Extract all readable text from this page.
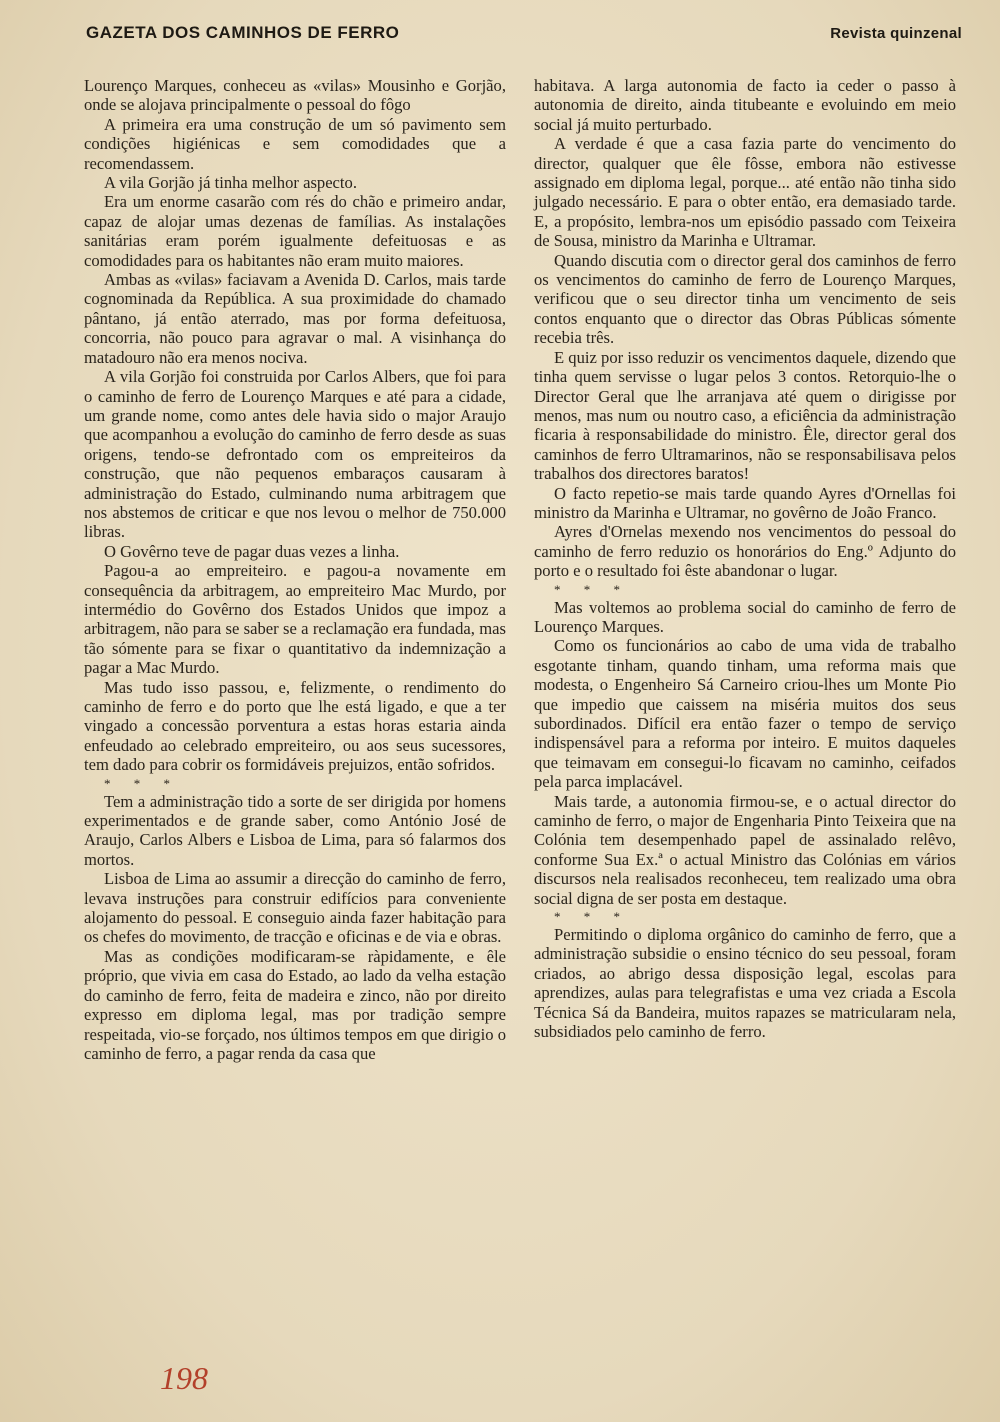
GAZETA DOS CAMINHOS DE FERRO	Revista quinzenal

Lourenço Marques, conheceu as «vilas» Mousinho e Gorjão, onde se alojava principalmente o pessoal do fôgo

A primeira era uma construção de um só pavimento sem condições higiénicas e sem comodidades que a recomendassem.

A vila Gorjão já tinha melhor aspecto.

Era um enorme casarão com rés do chão e primeiro andar, capaz de alojar umas dezenas de famílias. As instalações sanitárias eram porém igualmente defeituosas e as comodidades para os habitantes não eram muito maiores.

Ambas as «vilas» faciavam a Avenida D. Carlos, mais tarde cognominada da República. A sua proximidade do chamado pântano, já então aterrado, mas por forma defeituosa, concorria, não pouco para agravar o mal. A visinhança do matadouro não era menos nociva.

A vila Gorjão foi construida por Carlos Albers, que foi para o caminho de ferro de Lourenço Marques e até para a cidade, um grande nome, como antes dele havia sido o major Araujo que acompanhou a evolução do caminho de ferro desde as suas origens, tendo-se defrontado com os empreiteiros da construção, que não pequenos embaraços causaram à administração do Estado, culminando numa arbitragem que nos abstemos de criticar e que nos levou o melhor de 750.000 libras.

O Govêrno teve de pagar duas vezes a linha.

Pagou-a ao empreiteiro. e pagou-a novamente em consequência da arbitragem, ao empreiteiro Mac Murdo, por intermédio do Govêrno dos Estados Unidos que impoz a arbitragem, não para se saber se a reclamação era fundada, mas tão sómente para se fixar o quantitativo da indemnização a pagar a Mac Murdo.

Mas tudo isso passou, e, felizmente, o rendimento do caminho de ferro e do porto que lhe está ligado, e que a ter vingado a concessão porventura a estas horas estaria ainda enfeudado ao celebrado empreiteiro, ou aos seus sucessores, tem dado para cobrir os formidáveis prejuizos, então sofridos.

* * *

Tem a administração tido a sorte de ser dirigida por homens experimentados e de grande saber, como António José de Araujo, Carlos Albers e Lisboa de Lima, para só falarmos dos mortos.

Lisboa de Lima ao assumir a direcção do caminho de ferro, levava instruções para construir edifícios para conveniente alojamento do pessoal. E conseguio ainda fazer habitação para os chefes do movimento, de tracção e oficinas e de via e obras.

Mas as condições modificaram-se ràpidamente, e êle próprio, que vivia em casa do Estado, ao lado da velha estação do caminho de ferro, feita de madeira e zinco, não por direito expresso em diploma legal, mas por tradição sempre respeitada, vio-se forçado, nos últimos tempos em que dirigio o caminho de ferro, a pagar renda da casa que

habitava. A larga autonomia de facto ia ceder o passo à autonomia de direito, ainda titubeante e evoluindo em meio social já muito perturbado.

A verdade é que a casa fazia parte do vencimento do director, qualquer que êle fôsse, embora não estivesse assignado em diploma legal, porque... até então não tinha sido julgado necessário. E para o obter então, era demasiado tarde. E, a propósito, lembra-nos um episódio passado com Teixeira de Sousa, ministro da Marinha e Ultramar.

Quando discutia com o director geral dos caminhos de ferro os vencimentos do caminho de ferro de Lourenço Marques, verificou que o seu director tinha um vencimento de seis contos enquanto que o director das Obras Públicas sómente recebia três.

E quiz por isso reduzir os vencimentos daquele, dizendo que tinha quem servisse o lugar pelos 3 contos. Retorquio-lhe o Director Geral que lhe arranjava até quem o dirigisse por menos, mas num ou noutro caso, a eficiência da administração ficaria à responsabilidade do ministro. Êle, director geral dos caminhos de ferro Ultramarinos, não se responsabilisava pelos trabalhos dos directores baratos!

O facto repetio-se mais tarde quando Ayres d'Ornellas foi ministro da Marinha e Ultramar, no govêrno de João Franco.

Ayres d'Ornelas mexendo nos vencimentos do pessoal do caminho de ferro reduzio os honorários do Eng.º Adjunto do porto e o resultado foi êste abandonar o lugar.

* * *

Mas voltemos ao problema social do caminho de ferro de Lourenço Marques.

Como os funcionários ao cabo de uma vida de trabalho esgotante tinham, quando tinham, uma reforma mais que modesta, o Engenheiro Sá Carneiro criou-lhes um Monte Pio que impedio que caissem na miséria muitos dos seus subordinados. Difícil era então fazer o tempo de serviço indispensável para a reforma por inteiro. E muitos daqueles que teimavam em consegui-lo ficavam no caminho, ceifados pela parca implacável.

Mais tarde, a autonomia firmou-se, e o actual director do caminho de ferro, o major de Engenharia Pinto Teixeira que na Colónia tem desempenhado papel de assinalado relêvo, conforme Sua Ex.ª o actual Ministro das Colónias em vários discursos nela realisados reconheceu, tem realizado uma obra social digna de ser posta em destaque.

* * *

Permitindo o diploma orgânico do caminho de ferro, que a administração subsidie o ensino técnico do seu pessoal, foram criados, ao abrigo dessa disposição legal, escolas para aprendizes, aulas para telegrafistas e uma vez criada a Escola Técnica Sá da Bandeira, muitos rapazes se matricularam nela, subsidiados pelo caminho de ferro.

198
